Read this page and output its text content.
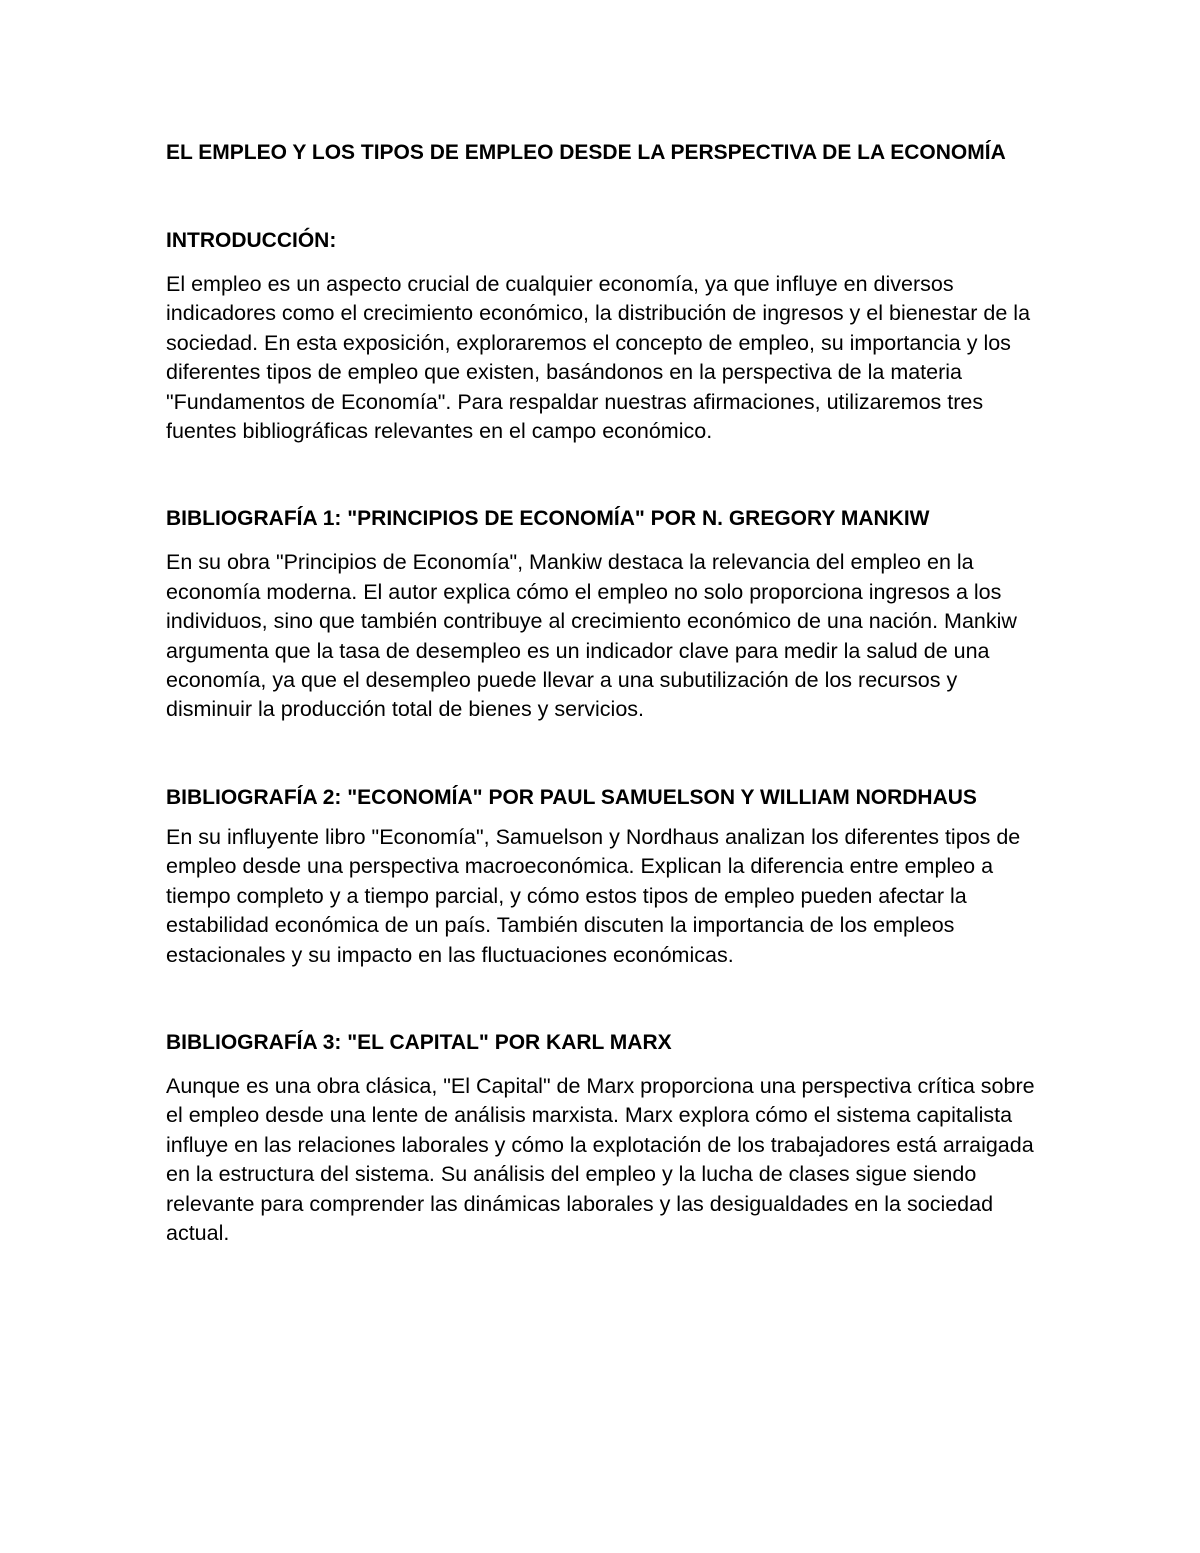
EL EMPLEO Y LOS TIPOS DE EMPLEO DESDE LA PERSPECTIVA DE LA ECONOMÍA
INTRODUCCIÓN:

El empleo es un aspecto crucial de cualquier economía, ya que influye en diversos indicadores como el crecimiento económico, la distribución de ingresos y el bienestar de la sociedad. En esta exposición, exploraremos el concepto de empleo, su importancia y los diferentes tipos de empleo que existen, basándonos en la perspectiva de la materia "Fundamentos de Economía". Para respaldar nuestras afirmaciones, utilizaremos tres fuentes bibliográficas relevantes en el campo económico.

BIBLIOGRAFÍA 1: "PRINCIPIOS DE ECONOMÍA" POR N. GREGORY MANKIW

En su obra "Principios de Economía", Mankiw destaca la relevancia del empleo en la economía moderna. El autor explica cómo el empleo no solo proporciona ingresos a los individuos, sino que también contribuye al crecimiento económico de una nación. Mankiw argumenta que la tasa de desempleo es un indicador clave para medir la salud de una economía, ya que el desempleo puede llevar a una subutilización de los recursos y disminuir la producción total de bienes y servicios.

BIBLIOGRAFÍA 2: "ECONOMÍA" POR PAUL SAMUELSON Y WILLIAM NORDHAUS

En su influyente libro "Economía", Samuelson y Nordhaus analizan los diferentes tipos de empleo desde una perspectiva macroeconómica. Explican la diferencia entre empleo a tiempo completo y a tiempo parcial, y cómo estos tipos de empleo pueden afectar la estabilidad económica de un país. También discuten la importancia de los empleos estacionales y su impacto en las fluctuaciones económicas.

BIBLIOGRAFÍA 3: "EL CAPITAL" POR KARL MARX

Aunque es una obra clásica, "El Capital" de Marx proporciona una perspectiva crítica sobre el empleo desde una lente de análisis marxista. Marx explora cómo el sistema capitalista influye en las relaciones laborales y cómo la explotación de los trabajadores está arraigada en la estructura del sistema. Su análisis del empleo y la lucha de clases sigue siendo relevante para comprender las dinámicas laborales y las desigualdades en la sociedad actual.
